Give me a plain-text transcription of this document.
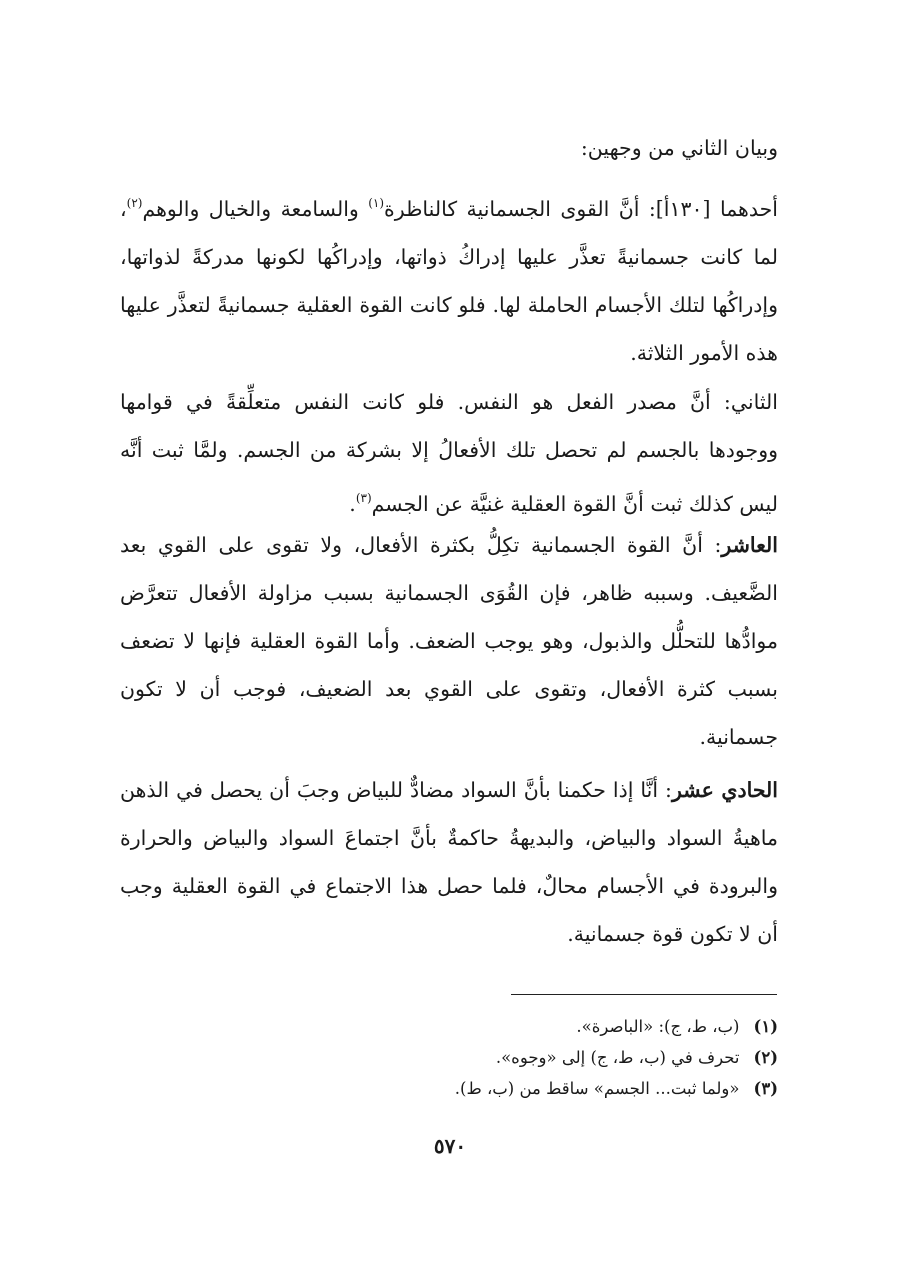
وبيان الثاني من وجهين:
أحدهما [١٣٠أ]: أنَّ القوى الجسمانية كالناظرة$^{(١)}$ والسامعة والخيال والوهم$^{(٢)}$، لما كانت جسمانيةً تعذَّر عليها إدراكُ ذواتها، وإدراكُها لكونها مدركةً لذواتها، وإدراكُها لتلك الأجسام الحاملة لها. فلو كانت القوة العقلية جسمانيةً لتعذَّر عليها هذه الأمور الثلاثة.
الثاني: أنَّ مصدر الفعل هو النفس. فلو كانت النفس متعلِّقةً في قوامها ووجودها بالجسم لم تحصل تلك الأفعالُ إلا بشركة من الجسم. ولمَّا ثبت أنَّه ليس كذلك ثبت أنَّ القوة العقلية غنيَّة عن الجسم$^{(٣)}$.
العاشر: أنَّ القوة الجسمانية تكِلُّ بكثرة الأفعال، ولا تقوى على القوي بعد الضَّعيف. وسببه ظاهر، فإن القُوَى الجسمانية بسبب مزاولة الأفعال تتعرَّض موادُّها للتحلُّل والذبول، وهو يوجب الضعف. وأما القوة العقلية فإنها لا تضعف بسبب كثرة الأفعال، وتقوى على القوي بعد الضعيف، فوجب أن لا تكون جسمانية.
الحادي عشر: أنَّا إذا حكمنا بأنَّ السواد مضادٌّ للبياض وجبَ أن يحصل في الذهن ماهيةُ السواد والبياض، والبديهةُ حاكمةٌ بأنَّ اجتماعَ السواد والبياض والحرارة والبرودة في الأجسام محالٌ، فلما حصل هذا الاجتماع في القوة العقلية وجب أن لا تكون قوة جسمانية.
(١)(ب، ط، ج): «الباصرة».
(٢)تحرف في (ب، ط، ج) إلى «وجوه».
(٣)«ولما ثبت... الجسم» ساقط من (ب، ط).
٥٧٠
